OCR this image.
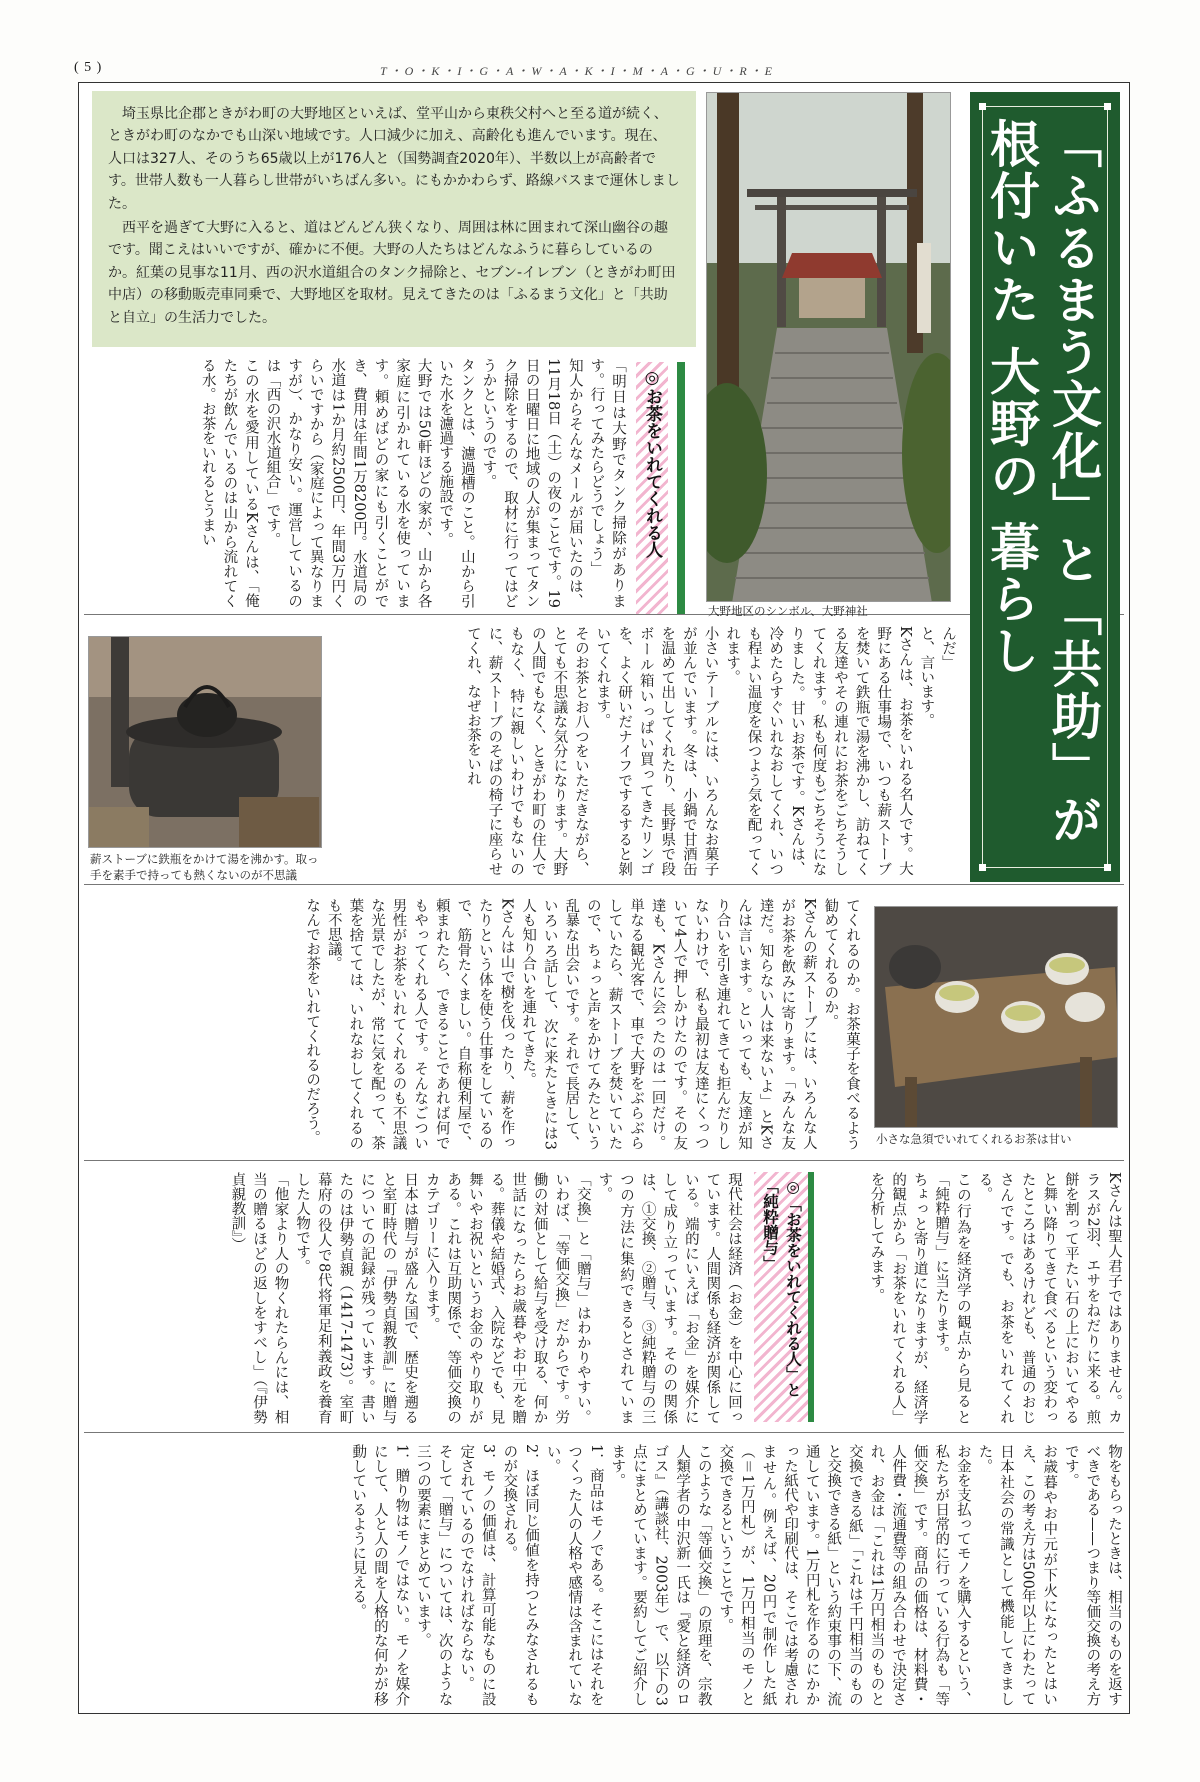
( 5 )	T・O・K・I・G・A・W・A・K・I・M・A・G・U・R・E

埼玉県比企郡ときがわ町の大野地区といえば、堂平山から東秩父村へと至る道が続く、ときがわ町のなかでも山深い地域です。人口減少に加え、高齢化も進んでいます。現在、人口は327人、そのうち65歳以上が176人と（国勢調査2020年）、半数以上が高齢者です。世帯人数も一人暮らし世帯がいちばん多い。にもかかわらず、路線バスまで運休しました。

西平を過ぎて大野に入ると、道はどんどん狭くなり、周囲は林に囲まれて深山幽谷の趣です。聞こえはいいですが、確かに不便。大野の人たちはどんなふうに暮らしているのか。紅葉の見事な11月、西の沢水道組合のタンク掃除と、セブン‐イレブン（ときがわ町田中店）の移動販売車同乗で、大野地区を取材。見えてきたのは「ふるまう文化」と「共助と自立」の生活力でした。

大野地区のシンボル、大野神社	「ふるまう文化」と「共助」が根付いた 大野の 暮らし
◎お茶をいれてくれる人
「明日は大野でタンク掃除があります。行ってみたらどうでしょう」
知人からそんなメールが届いたのは、11月18日（土）の夜のことです。19日の日曜日に地域の人が集まってタンク掃除をするので、取材に行ってはどうかというのです。
タンクとは、濾過槽のこと。山から引いた水を濾過する施設です。
大野では50軒ほどの家が、山から各家庭に引かれている水を使っています。頼めばどの家にも引くことができ、費用は年間1万8200円。水道局の水道は1か月約2500円、年間3万円くらいですから（家庭によって異なりますが）、かなり安い。運営しているのは「西の沢水道組合」です。
この水を愛用しているKさんは、「俺たちが飲んでいるのは山から流れてくる水。お茶をいれるとうまい
薪ストーブに鉄瓶をかけて湯を沸かす。取っ手を素手で持っても熱くないのが不思議
んだ」
と、言います。
Kさんは、お茶をいれる名人です。大野にある仕事場で、いつも薪ストーブを焚いて鉄瓶で湯を沸かし、訪ねてくる友達やその連れにお茶をごちそうしてくれます。私も何度もごちそうになりました。甘いお茶です。Kさんは、冷めたらすぐいれなおしてくれ、いつも程よい温度を保つよう気を配ってくれます。
小さいテーブルには、いろんなお菓子が並んでいます。冬は、小鍋で甘酒缶を温めて出してくれたり、長野県で段ボール箱いっぱい買ってきたリンゴを、よく研いだナイフでするすると剝いてくれます。
そのお茶とお八つをいただきながら、とても不思議な気分になります。大野の人間でもなく、ときがわ町の住人でもなく、特に親しいわけでもないのに、薪ストーブのそばの椅子に座らせてくれ、なぜお茶をいれ
小さな急須でいれてくれるお茶は甘い
てくれるのか。お茶菓子を食べるよう勧めてくれるのか。
Kさんの薪ストーブには、いろんな人がお茶を飲みに寄ります。「みんな友達だ。知らない人は来ないよ」とKさんは言います。といっても、友達が知り合いを引き連れてきても拒んだりしないわけで、私も最初は友達にくっついて4人で押しかけたのです。その友達も、Kさんに会ったのは一回だけ。単なる観光客で、車で大野をぶらぶらしていたら、薪ストーブを焚いていたので、ちょっと声をかけてみたという乱暴な出会いです。それで長居して、いろいろ話して、次に来たときには3人も知り合いを連れてきた。
Kさんは山で樹を伐ったり、薪を作ったりという体を使う仕事をしているので、筋骨たくましい。自称便利屋で、頼まれたら、できることであれば何でもやってくれる人です。そんなごつい男性がお茶をいれてくれるのも不思議な光景でしたが、常に気を配って、茶葉を捨てては、いれなおしてくれるのも不思議。
なんでお茶をいれてくれるのだろう。
Kさんは聖人君子ではありません。カラスが2羽、エサをねだりに来る。煎餅を割って平たい石の上においてやると舞い降りてきて食べるという変わったところはあるけれども、普通のおじさんです。でも、お茶をいれてくれる。
この行為を経済学の観点から見ると「純粋贈与」に当たります。
ちょっと寄り道になりますが、経済学的観点から「お茶をいれてくれる人」を分析してみます。
◎「お茶をいれてくれる人」と「純粋贈与」
現代社会は経済（お金）を中心に回っています。人間関係も経済が関係している。端的にいえば「お金」を媒介にして成り立っています。そのの関係は、①交換、②贈与、③純粋贈与の三つの方法に集約できるとされています。
「交換」と「贈与」はわかりやすい。いわば、「等価交換」だからです。労働の対価として給与を受け取る、何か世話になったらお歳暮やお中元を贈る。葬儀や結婚式、入院などでも、見舞いやお祝いというお金のやり取りがある。これは互助関係で、等価交換のカテゴリーに入ります。
日本は贈与が盛んな国で、歴史を遡ると室町時代の『伊勢貞親教訓』に贈与についての記録が残っています。書いたのは伊勢貞親（1417‐1473）。室町幕府の役人で8代将軍足利義政を養育した人物です。
「他家より人の物くれたらんには、相当の贈るほどの返しをすべし」（『伊勢貞親教訓』）
物をもらったときは、相当のものを返すべきである——つまり等価交換の考え方です。
お歳暮やお中元が下火になったとはいえ、この考え方は500年以上にわたって日本社会の常識として機能してきました。
お金を支払ってモノを購入するという、私たちが日常的に行っている行為も「等価交換」です。商品の価格は、材料費・人件費・流通費等の組み合わせで決定され、お金は「これは1万円相当のものと交換できる紙」「これは千円相当のものと交換できる紙」という約束事の下、流通しています。1万円札を作るのにかかった紙代や印刷代は、そこでは考慮されません。例えば、20円で制作した紙（＝1万円札）が、1万円相当のモノと交換できるということです。
このような「等価交換」の原理を、宗教人類学者の中沢新一氏は『愛と経済のロゴス』（講談社、2003年）で、以下の3点にまとめています。要約してご紹介します。
1．商品はモノである。そこにはそれをつくった人の人格や感情は含まれていない。
2．ほぼ同じ価値を持つとみなされるものが交換される。
3．モノの価値は、計算可能なものに設定されているのでなければならない。
そして「贈与」については、次のような三つの要素にまとめています。
1．贈り物はモノではない。モノを媒介にして、人と人の間を人格的な何かが移動しているように見える。
